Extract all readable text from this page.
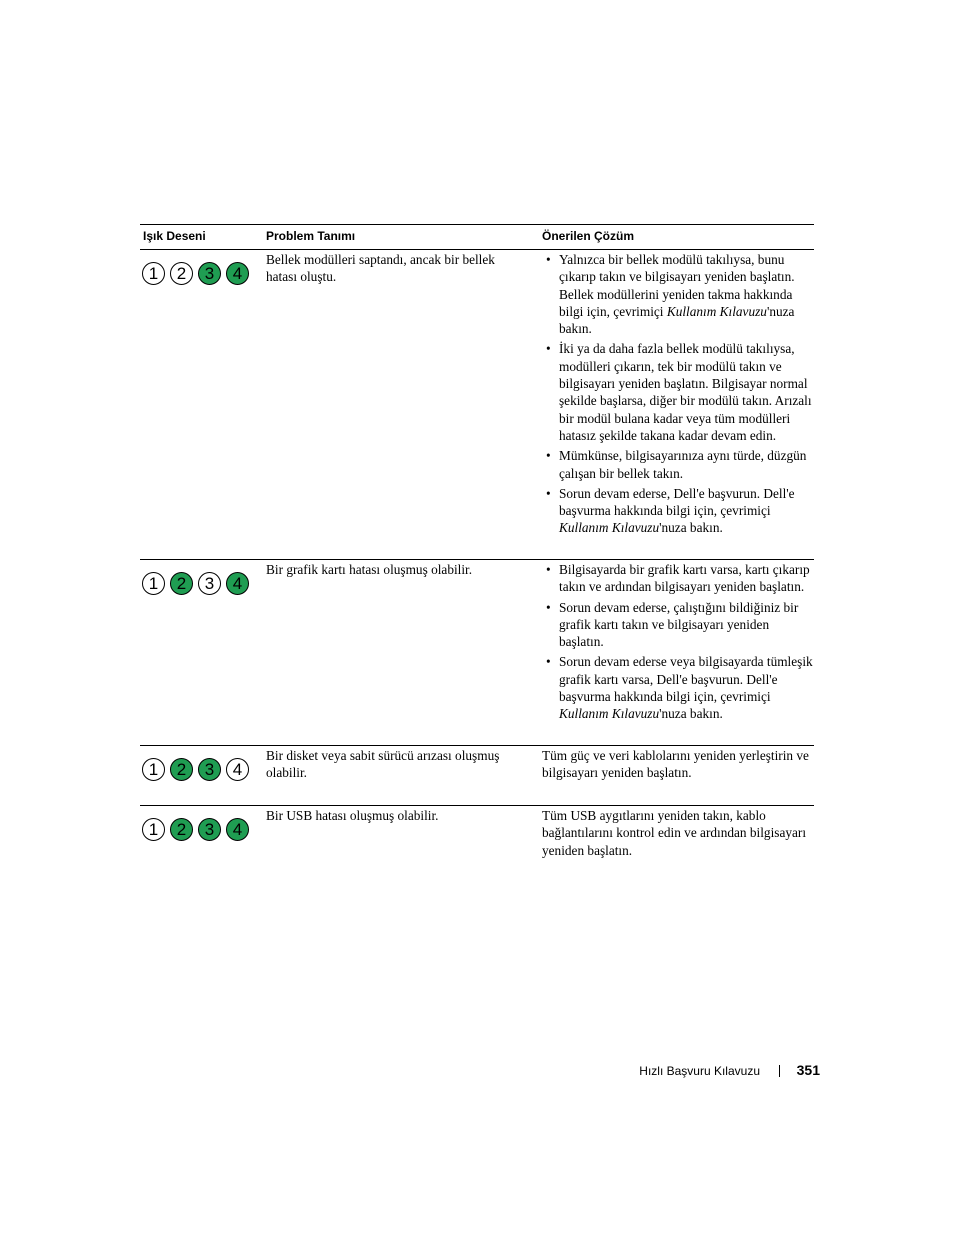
Işık Deseni	Problem Tanımı	Önerilen Çözüm
1	2	3	4
Bellek modülleri saptandı, ancak bir bellek hatası oluştu.
• Yalnızca bir bellek modülü takılıysa, bunu çıkarıp takın ve bilgisayarı yeniden başlatın. Bellek modüllerini yeniden takma hakkında bilgi için, çevrimiçi Kullanım Kılavuzu'nuza bakın.
• İki ya da daha fazla bellek modülü takılıysa, modülleri çıkarın, tek bir modülü takın ve bilgisayarı yeniden başlatın. Bilgisayar normal şekilde başlarsa, diğer bir modülü takın. Arızalı bir modül bulana kadar veya tüm modülleri hatasız şekilde takana kadar devam edin.
• Mümkünse, bilgisayarınıza aynı türde, düzgün çalışan bir bellek takın.
• Sorun devam ederse, Dell'e başvurun. Dell'e başvurma hakkında bilgi için, çevrimiçi Kullanım Kılavuzu'nuza bakın.
1	2	3	4
Bir grafik kartı hatası oluşmuş olabilir.
•	Bilgisayarda bir grafik kartı varsa, kartı çıkarıp takın ve ardından bilgisayarı yeniden başlatın.
• Sorun devam ederse, çalıştığını bildiğiniz bir grafik kartı takın ve bilgisayarı yeniden başlatın.
• Sorun devam ederse veya bilgisayarda tümleşik grafik kartı varsa, Dell'e başvurun. Dell'e başvurma hakkında bilgi için, çevrimiçi Kullanım Kılavuzu'nuza bakın.
1	2	3	4
Bir disket veya sabit sürücü arızası oluşmuş olabilir.
Tüm güç ve veri kablolarını yeniden yerleştirin ve bilgisayarı yeniden başlatın.
1	2	3	4
Bir USB hatası oluşmuş olabilir.	Tüm USB aygıtlarını yeniden takın, kablo bağlantılarını kontrol edin ve ardından bilgisayarı yeniden başlatın.
Hızlı Başvuru Kılavuzu	351
